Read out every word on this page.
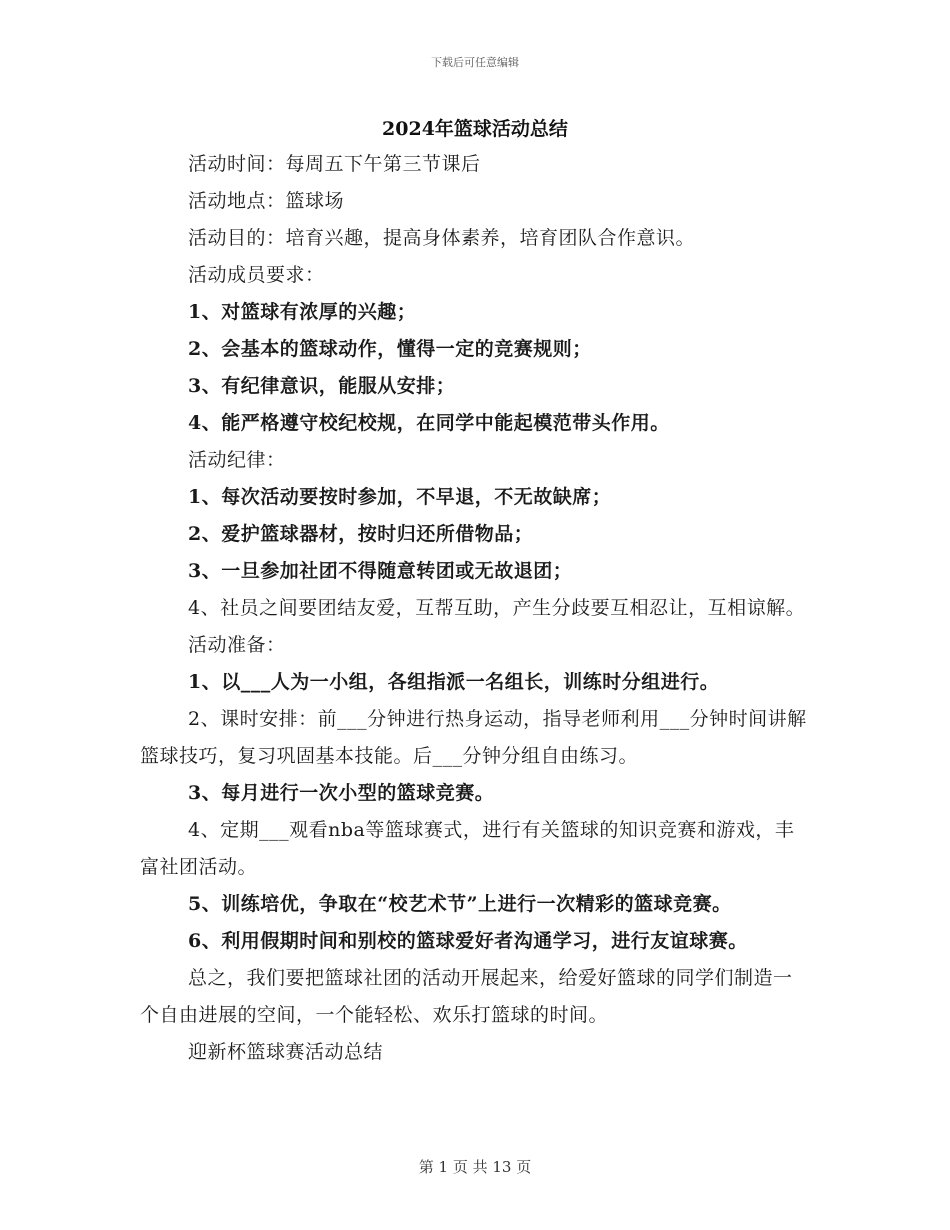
下载后可任意编辑
2024年篮球活动总结

活动时间：每周五下午第三节课后

活动地点：篮球场

活动目的：培育兴趣，提高身体素养，培育团队合作意识。

活动成员要求：

1、对篮球有浓厚的兴趣；

2、会基本的篮球动作，懂得一定的竞赛规则；

3、有纪律意识，能服从安排；

4、能严格遵守校纪校规，在同学中能起模范带头作用。

活动纪律：

1、每次活动要按时参加，不早退，不无故缺席；

2、爱护篮球器材，按时归还所借物品；

3、一旦参加社团不得随意转团或无故退团；

4、社员之间要团结友爱，互帮互助，产生分歧要互相忍让，互相谅解。

活动准备：

1、以___人为一小组，各组指派一名组长，训练时分组进行。

2、课时安排：前___分钟进行热身运动，指导老师利用___分钟时间讲解篮球技巧，复习巩固基本技能。后___分钟分组自由练习。

3、每月进行一次小型的篮球竞赛。

4、定期___观看nba等篮球赛式，进行有关篮球的知识竞赛和游戏，丰富社团活动。

5、训练培优，争取在“校艺术节”上进行一次精彩的篮球竞赛。

6、利用假期时间和别校的篮球爱好者沟通学习，进行友谊球赛。

总之，我们要把篮球社团的活动开展起来，给爱好篮球的同学们制造一个自由进展的空间，一个能轻松、欢乐打篮球的时间。

迎新杯篮球赛活动总结

第 1 页 共 13 页
